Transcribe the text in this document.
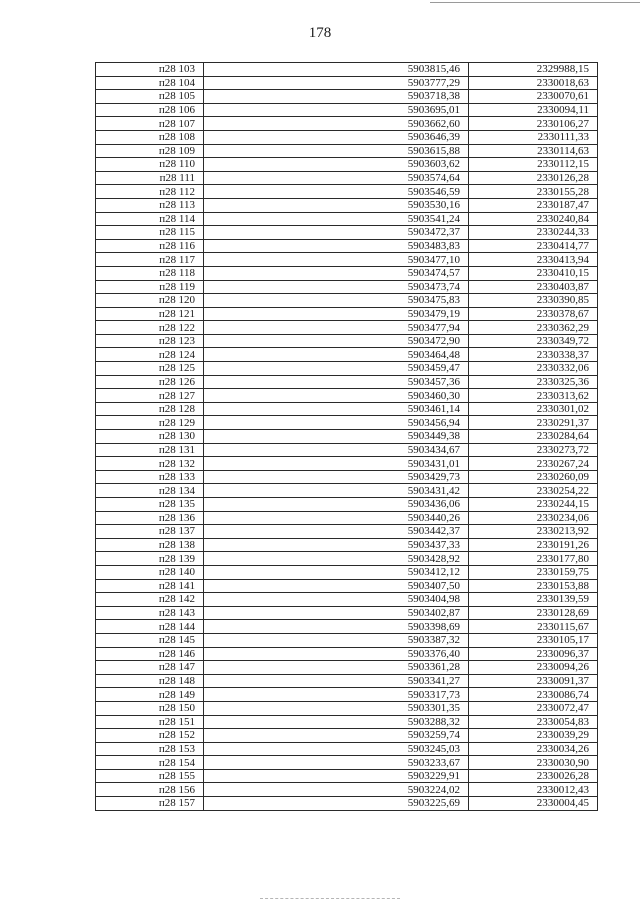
178
п28 103	5903815,46	2329988,15
п28 104	5903777,29	2330018,63
п28 105	5903718,38	2330070,61
п28 106	5903695,01	2330094,11
п28 107	5903662,60	2330106,27
п28 108	5903646,39	2330111,33
п28 109	5903615,88	2330114,63
п28 110	5903603,62	2330112,15
п28 111	5903574,64	2330126,28
п28 112	5903546,59	2330155,28
п28 113	5903530,16	2330187,47
п28 114	5903541,24	2330240,84
п28 115	5903472,37	2330244,33
п28 116	5903483,83	2330414,77
п28 117	5903477,10	2330413,94
п28 118	5903474,57	2330410,15
п28 119	5903473,74	2330403,87
п28 120	5903475,83	2330390,85
п28 121	5903479,19	2330378,67
п28 122	5903477,94	2330362,29
п28 123	5903472,90	2330349,72
п28 124	5903464,48	2330338,37
п28 125	5903459,47	2330332,06
п28 126	5903457,36	2330325,36
п28 127	5903460,30	2330313,62
п28 128	5903461,14	2330301,02
п28 129	5903456,94	2330291,37
п28 130	5903449,38	2330284,64
п28 131	5903434,67	2330273,72
п28 132	5903431,01	2330267,24
п28 133	5903429,73	2330260,09
п28 134	5903431,42	2330254,22
п28 135	5903436,06	2330244,15
п28 136	5903440,26	2330234,06
п28 137	5903442,37	2330213,92
п28 138	5903437,33	2330191,26
п28 139	5903428,92	2330177,80
п28 140	5903412,12	2330159,75
п28 141	5903407,50	2330153,88
п28 142	5903404,98	2330139,59
п28 143	5903402,87	2330128,69
п28 144	5903398,69	2330115,67
п28 145	5903387,32	2330105,17
п28 146	5903376,40	2330096,37
п28 147	5903361,28	2330094,26
п28 148	5903341,27	2330091,37
п28 149	5903317,73	2330086,74
п28 150	5903301,35	2330072,47
п28 151	5903288,32	2330054,83
п28 152	5903259,74	2330039,29
п28 153	5903245,03	2330034,26
п28 154	5903233,67	2330030,90
п28 155	5903229,91	2330026,28
п28 156	5903224,02	2330012,43
п28 157	5903225,69	2330004,45
